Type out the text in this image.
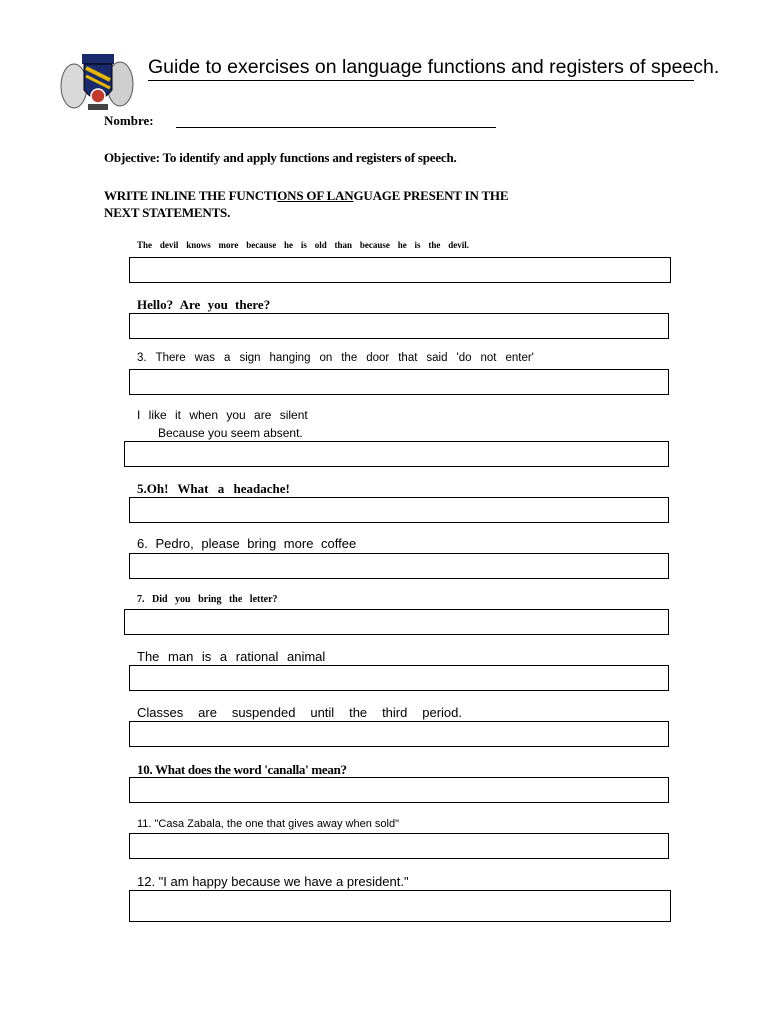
Guide to exercises on language functions and registers of speech.
Nombre:
Objective: To identify and apply functions and registers of speech.
WRITE INLINE THE FUNCTIONS OF LANGUAGE PRESENT IN THE
NEXT STATEMENTS.
The devil knows more because he is old than because he is the devil.
Hello? Are you there?
3. There was a sign hanging on the door that said 'do not enter'
I like it when you are silent
Because you seem absent.
5.Oh! What a headache!
6. Pedro, please bring more coffee
7. Did you bring the letter?
The man is a rational animal
Classes are suspended until the third period.
10. What does the word 'canalla' mean?
11. "Casa Zabala, the one that gives away when sold"
12. "I am happy because we have a president."
